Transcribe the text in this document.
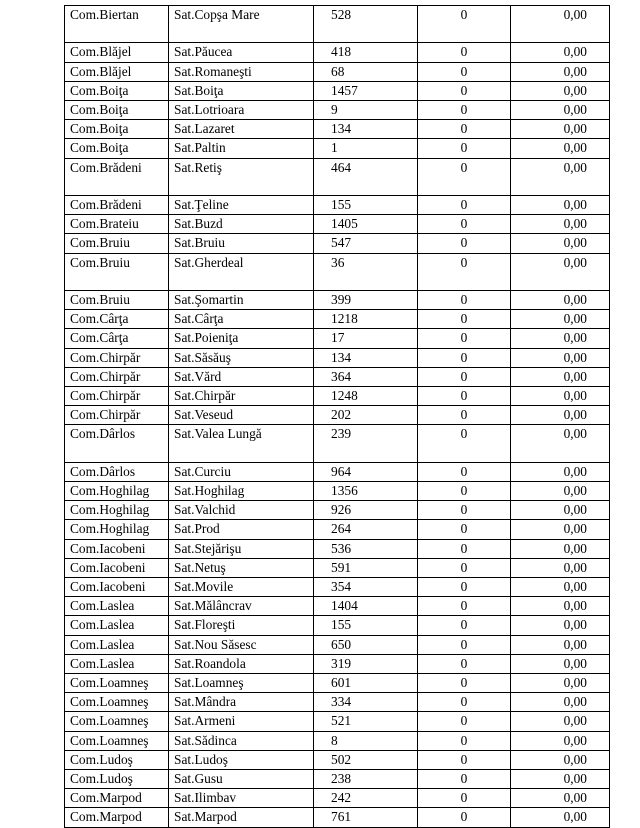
Com.Biertan	Sat.Copşa Mare	528	0	0,00
Com.Blăjel	Sat.Păucea	418	0	0,00
Com.Blăjel	Sat.Romaneşti	68	0	0,00
Com.Boiţa	Sat.Boiţa	1457	0	0,00
Com.Boiţa	Sat.Lotrioara	9	0	0,00
Com.Boiţa	Sat.Lazaret	134	0	0,00
Com.Boiţa	Sat.Paltin	1	0	0,00
Com.Brădeni	Sat.Retiş	464	0	0,00
Com.Brădeni	Sat.Ţeline	155	0	0,00
Com.Brateiu	Sat.Buzd	1405	0	0,00
Com.Bruiu	Sat.Bruiu	547	0	0,00
Com.Bruiu	Sat.Gherdeal	36	0	0,00
Com.Bruiu	Sat.Şomartin	399	0	0,00
Com.Cârţa	Sat.Cârţa	1218	0	0,00
Com.Cârţa	Sat.Poieniţa	17	0	0,00
Com.Chirpăr	Sat.Săsăuş	134	0	0,00
Com.Chirpăr	Sat.Vărd	364	0	0,00
Com.Chirpăr	Sat.Chirpăr	1248	0	0,00
Com.Chirpăr	Sat.Veseud	202	0	0,00
Com.Dârlos	Sat.Valea Lungă	239	0	0,00
Com.Dârlos	Sat.Curciu	964	0	0,00
Com.Hoghilag	Sat.Hoghilag	1356	0	0,00
Com.Hoghilag	Sat.Valchid	926	0	0,00
Com.Hoghilag	Sat.Prod	264	0	0,00
Com.Iacobeni	Sat.Stejărişu	536	0	0,00
Com.Iacobeni	Sat.Netuş	591	0	0,00
Com.Iacobeni	Sat.Movile	354	0	0,00
Com.Laslea	Sat.Mălâncrav	1404	0	0,00
Com.Laslea	Sat.Floreşti	155	0	0,00
Com.Laslea	Sat.Nou Săsesc	650	0	0,00
Com.Laslea	Sat.Roandola	319	0	0,00
Com.Loamneş	Sat.Loamneş	601	0	0,00
Com.Loamneş	Sat.Mândra	334	0	0,00
Com.Loamneş	Sat.Armeni	521	0	0,00
Com.Loamneş	Sat.Sădinca	8	0	0,00
Com.Ludoş	Sat.Ludoş	502	0	0,00
Com.Ludoş	Sat.Gusu	238	0	0,00
Com.Marpod	Sat.Ilimbav	242	0	0,00
Com.Marpod	Sat.Marpod	761	0	0,00
